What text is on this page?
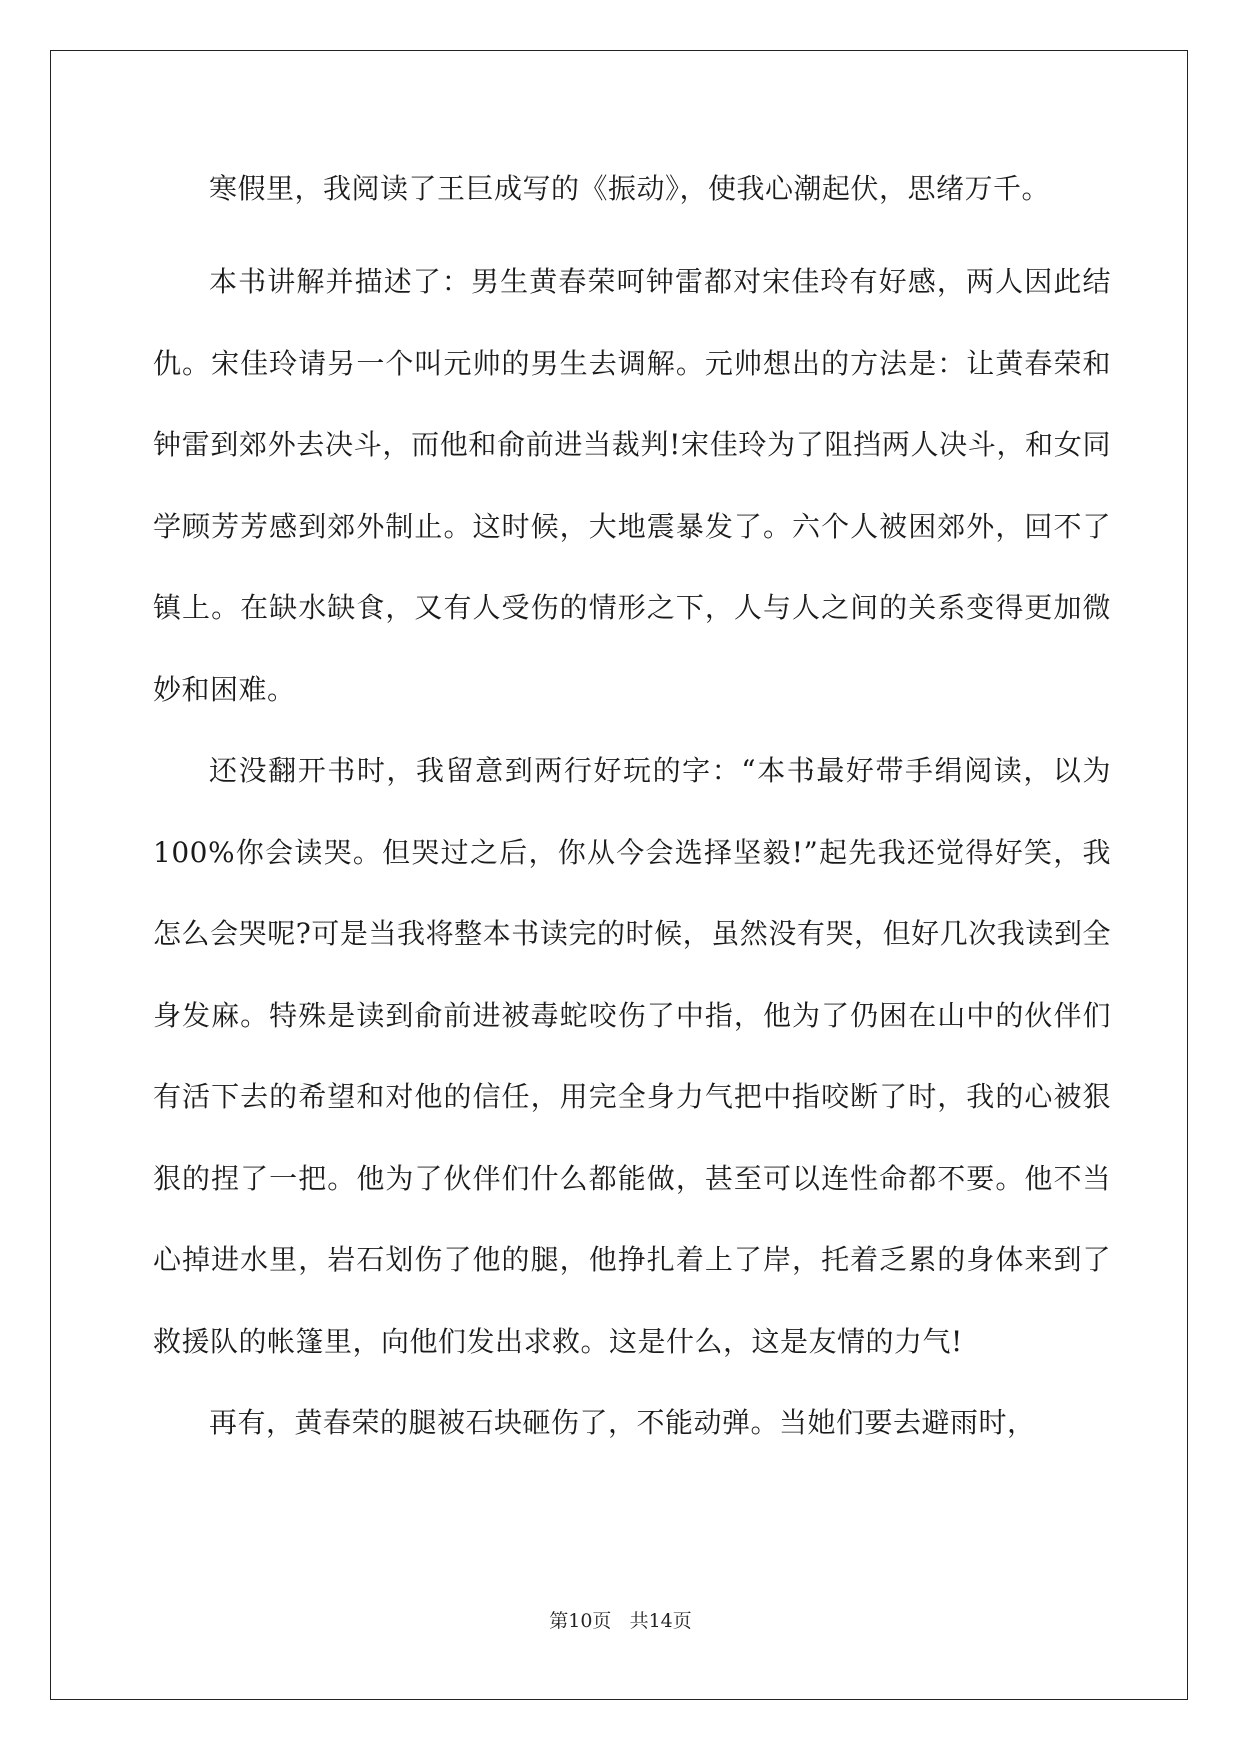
寒假里，我阅读了王巨成写的《振动》，使我心潮起伏，思绪万千。

本书讲解并描述了：男生黄春荣呵钟雷都对宋佳玲有好感，两人因此结仇。宋佳玲请另一个叫元帅的男生去调解。元帅想出的方法是：让黄春荣和钟雷到郊外去决斗，而他和俞前进当裁判!宋佳玲为了阻挡两人决斗，和女同学顾芳芳感到郊外制止。这时候，大地震暴发了。六个人被困郊外，回不了镇上。在缺水缺食，又有人受伤的情形之下，人与人之间的关系变得更加微妙和困难。

还没翻开书时，我留意到两行好玩的字：“本书最好带手绢阅读，以为100%你会读哭。但哭过之后，你从今会选择坚毅!”起先我还觉得好笑，我怎么会哭呢?可是当我将整本书读完的时候，虽然没有哭，但好几次我读到全身发麻。特殊是读到俞前进被毒蛇咬伤了中指，他为了仍困在山中的伙伴们有活下去的希望和对他的信任，用完全身力气把中指咬断了时，我的心被狠狠的捏了一把。他为了伙伴们什么都能做，甚至可以连性命都不要。他不当心掉进水里，岩石划伤了他的腿，他挣扎着上了岸，托着乏累的身体来到了救援队的帐篷里，向他们发出求救。这是什么，这是友情的力气!

再有，黄春荣的腿被石块砸伤了，不能动弹。当她们要去避雨时，

第10页 共14页
